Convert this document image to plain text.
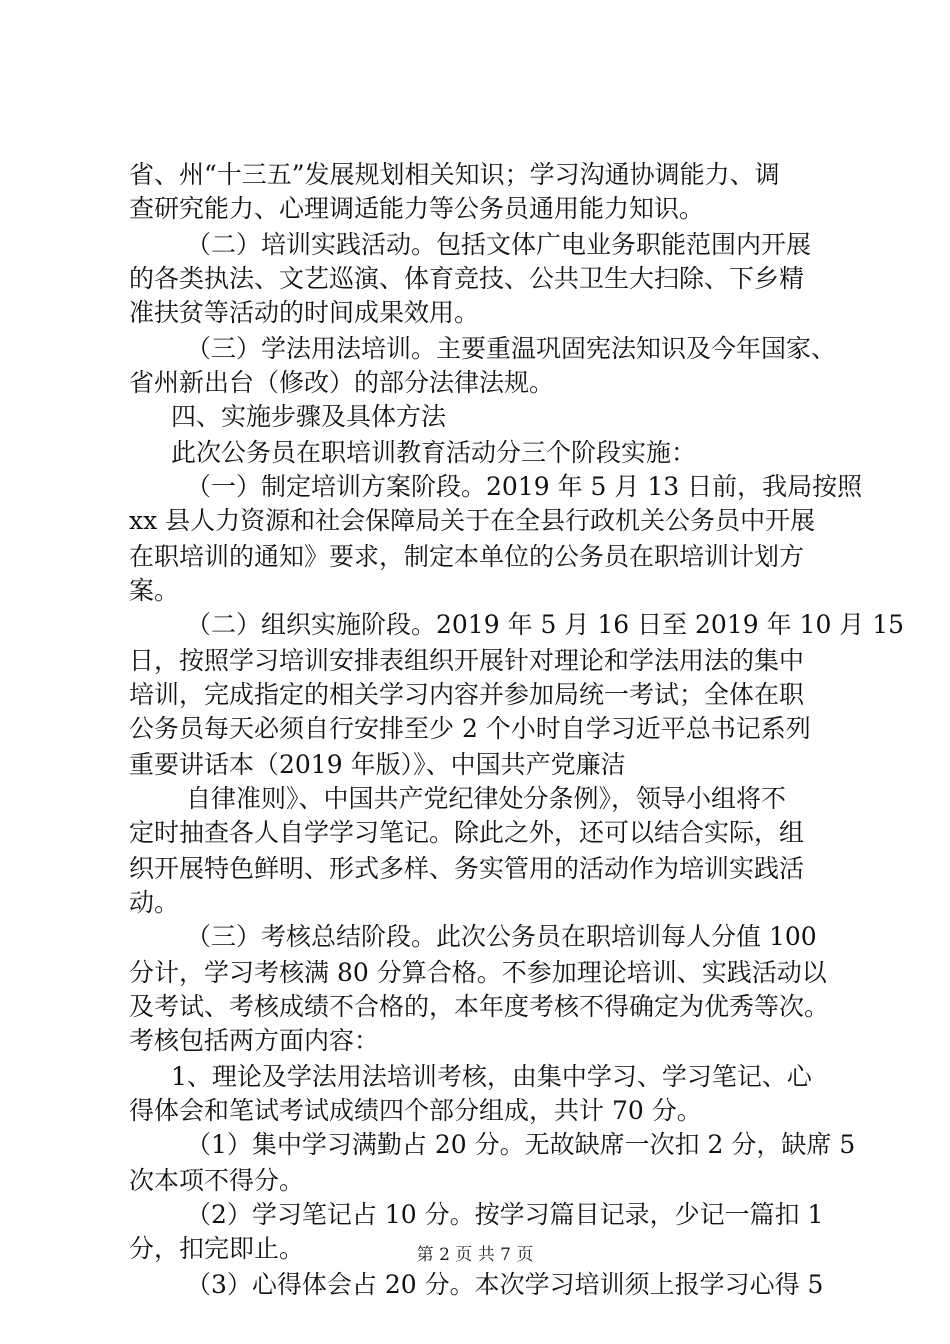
省、州“十三五”发展规划相关知识；学习沟通协调能力、调
查研究能力、心理调适能力等公务员通用能力知识。
（二）培训实践活动。包括文体广电业务职能范围内开展
的各类执法、文艺巡演、体育竞技、公共卫生大扫除、下乡精
准扶贫等活动的时间成果效用。
（三）学法用法培训。主要重温巩固宪法知识及今年国家、
省州新出台（修改）的部分法律法规。
四、实施步骤及具体方法
此次公务员在职培训教育活动分三个阶段实施：
（一）制定培训方案阶段。2019 年 5 月 13 日前，我局按照
xx 县人力资源和社会保障局关于在全县行政机关公务员中开展
在职培训的通知》要求，制定本单位的公务员在职培训计划方
案。
（二）组织实施阶段。2019 年 5 月 16 日至 2019 年 10 月 15
日，按照学习培训安排表组织开展针对理论和学法用法的集中
培训，完成指定的相关学习内容并参加局统一考试；全体在职
公务员每天必须自行安排至少 2 个小时自学习近平总书记系列
重要讲话本（2019 年版）》、中国共产党廉洁
自律准则》、中国共产党纪律处分条例》，领导小组将不
定时抽查各人自学学习笔记。除此之外，还可以结合实际，组
织开展特色鲜明、形式多样、务实管用的活动作为培训实践活
动。
（三）考核总结阶段。此次公务员在职培训每人分值 100
分计，学习考核满 80 分算合格。不参加理论培训、实践活动以
及考试、考核成绩不合格的，本年度考核不得确定为优秀等次。
考核包括两方面内容：
1、理论及学法用法培训考核，由集中学习、学习笔记、心
得体会和笔试考试成绩四个部分组成，共计 70 分。
（1）集中学习满勤占 20 分。无故缺席一次扣 2 分，缺席 5
次本项不得分。
（2）学习笔记占 10 分。按学习篇目记录，少记一篇扣 1
分，扣完即止。
（3）心得体会占 20 分。本次学习培训须上报学习心得 5
第 2 页 共 7 页
